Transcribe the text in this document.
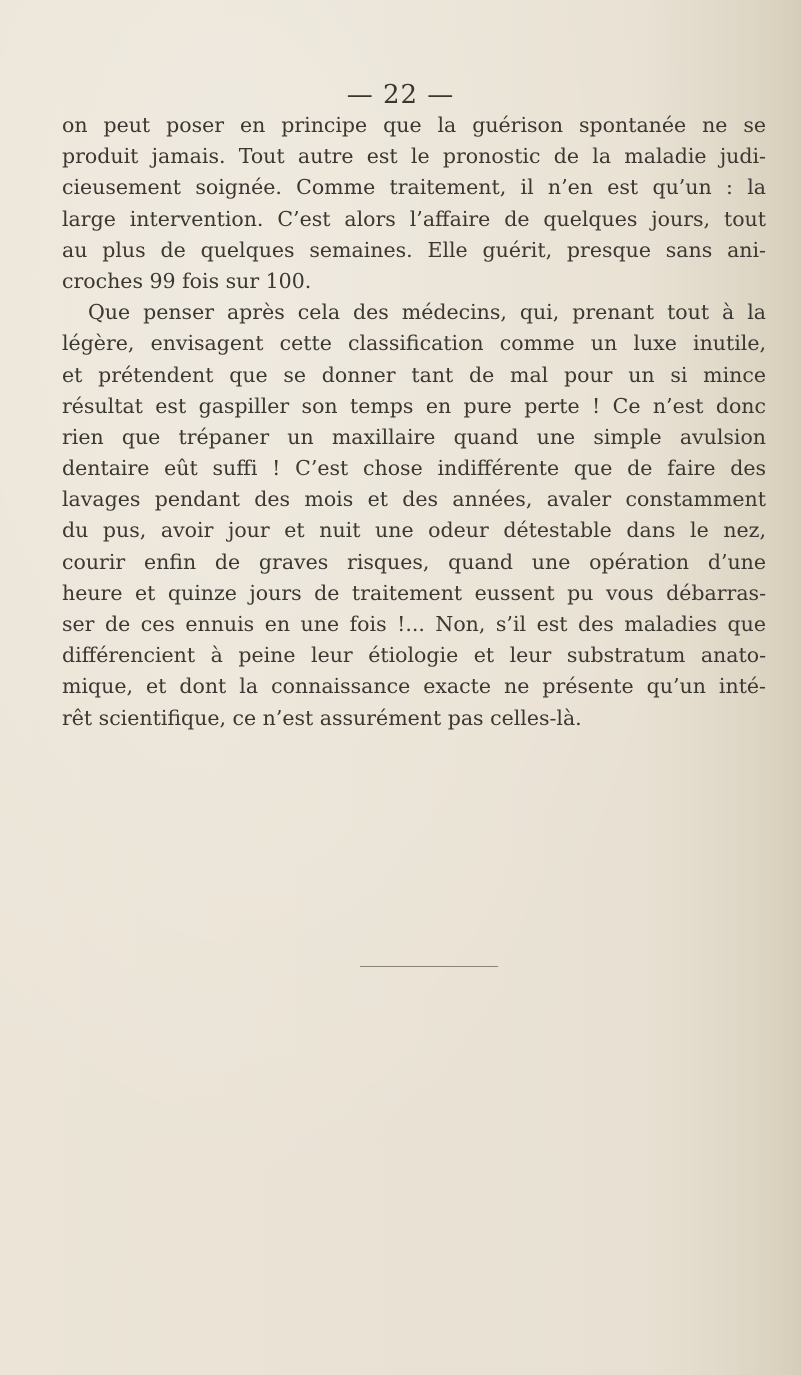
— 22 —
on peut poser en principe que la guérison spontanée ne se
produit jamais. Tout autre est le pronostic de la maladie judi-
cieusement soignée. Comme traitement, il n’en est qu’un : la
large intervention. C’est alors l’affaire de quelques jours, tout
au plus de quelques semaines. Elle guérit, presque sans ani-
croches 99 fois sur 100.
Que penser après cela des médecins, qui, prenant tout à la
légère, envisagent cette classification comme un luxe inutile,
et prétendent que se donner tant de mal pour un si mince
résultat est gaspiller son temps en pure perte ! Ce n’est donc
rien que trépaner un maxillaire quand une simple avulsion
dentaire eût suffi ! C’est chose indifférente que de faire des
lavages pendant des mois et des années, avaler constamment
du pus, avoir jour et nuit une odeur détestable dans le nez,
courir enfin de graves risques, quand une opération d’une
heure et quinze jours de traitement eussent pu vous débarras-
ser de ces ennuis en une fois !... Non, s’il est des maladies que
différencient à peine leur étiologie et leur substratum anato-
mique, et dont la connaissance exacte ne présente qu’un inté-
rêt scientifique, ce n’est assurément pas celles-là.
